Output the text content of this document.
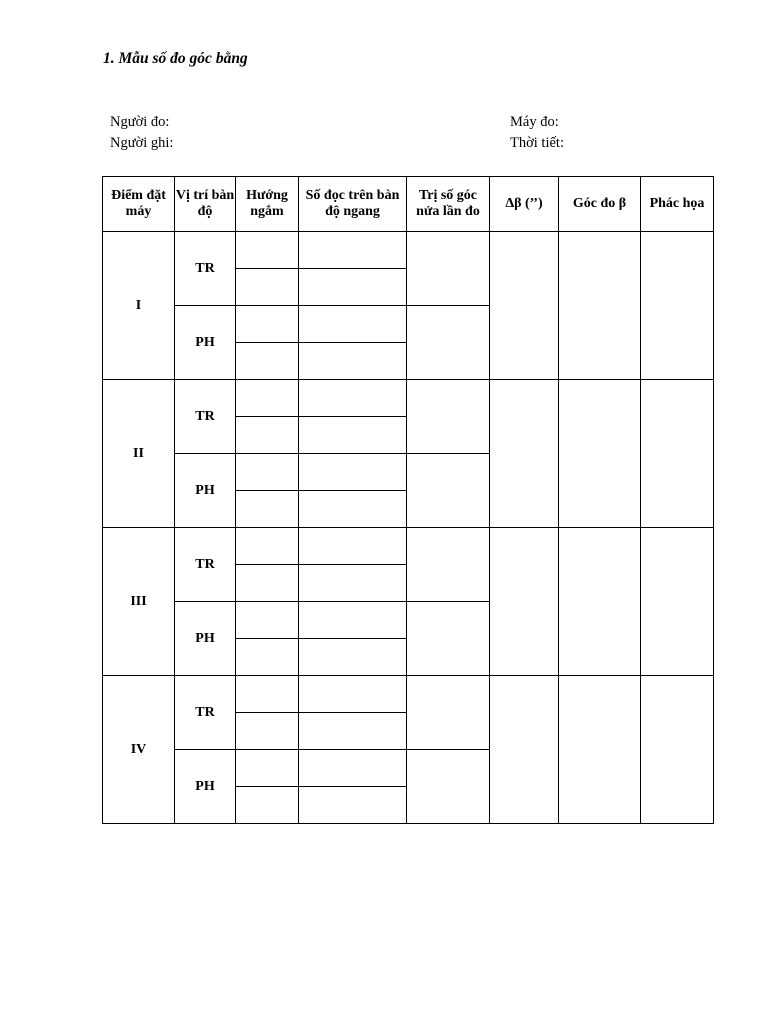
1. Mẫu số đo góc bằng
Người đo:
Người ghi:
Máy đo:
Thời tiết:
Điểm đặt máy	Vị trí bàn độ	Hướng ngắm	Số đọc trên bàn độ ngang	Trị số góc nửa lần đo	Δβ (’’)	Góc đo β	Phác họa
I	TR						

	PH						

II	TR						

	PH						

III	TR						

	PH						

IV	TR						

	PH						
